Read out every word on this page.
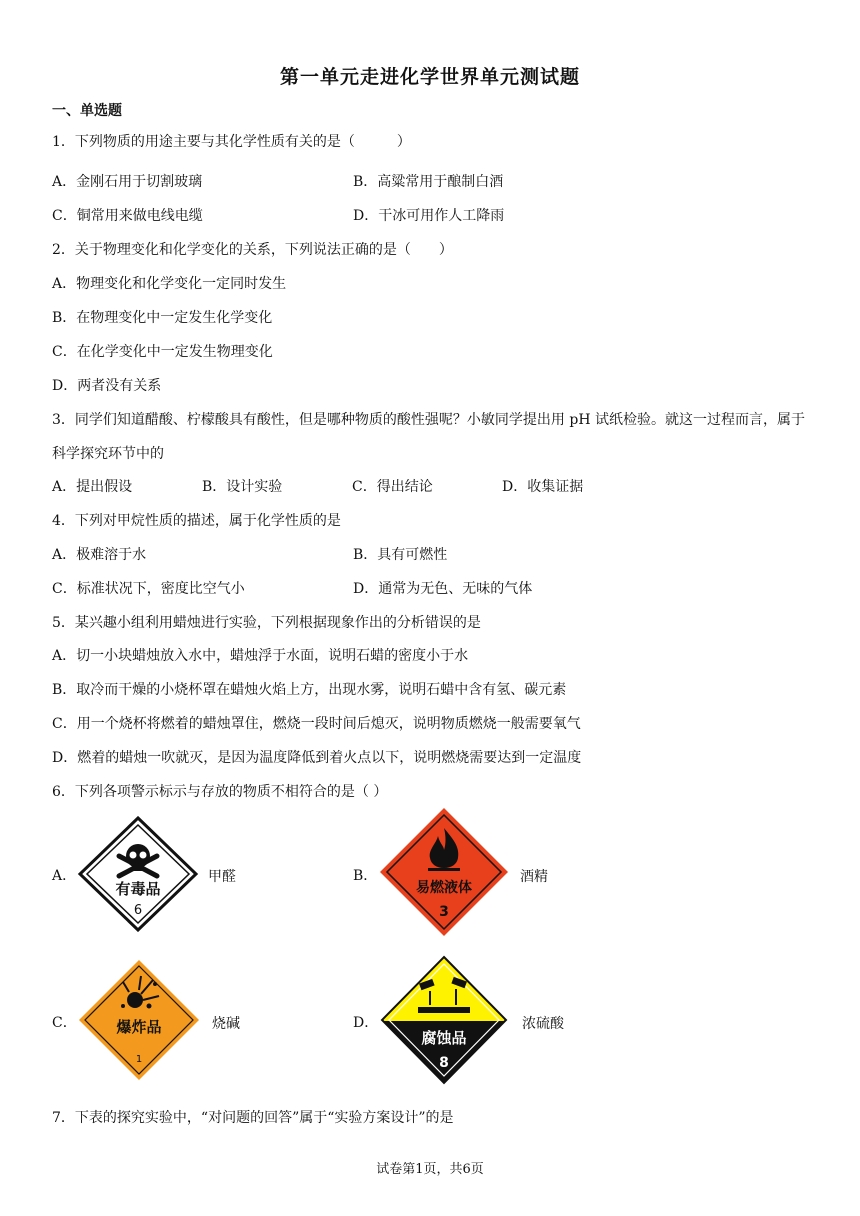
第一单元走进化学世界单元测试题
一、单选题
1．下列物质的用途主要与其化学性质有关的是（　　　）
A．金刚石用于切割玻璃	B．高粱常用于酿制白酒
C．铜常用来做电线电缆	D．干冰可用作人工降雨
2．关于物理变化和化学变化的关系，下列说法正确的是（　　）
A．物理变化和化学变化一定同时发生
B．在物理变化中一定发生化学变化
C．在化学变化中一定发生物理变化
D．两者没有关系
3．同学们知道醋酸、柠檬酸具有酸性，但是哪种物质的酸性强呢？小敏同学提出用 pH 试纸检验。就这一过程而言，属于科学探究环节中的
A．提出假设	B．设计实验	C．得出结论	D．收集证据
4．下列对甲烷性质的描述，属于化学性质的是
A．极难溶于水	B．具有可燃性
C．标准状况下，密度比空气小	D．通常为无色、无味的气体
5．某兴趣小组利用蜡烛进行实验，下列根据现象作出的分析错误的是
A．切一小块蜡烛放入水中，蜡烛浮于水面，说明石蜡的密度小于水
B．取冷而干燥的小烧杯罩在蜡烛火焰上方，出现水雾，说明石蜡中含有氢、碳元素
C．用一个烧杯将燃着的蜡烛罩住，燃烧一段时间后熄灭，说明物质燃烧一般需要氧气
D．燃着的蜡烛一吹就灭，是因为温度降低到着火点以下，说明燃烧需要达到一定温度
6．下列各项警示标示与存放的物质不相符合的是（ ）
A．
有毒品
6
甲醛	B．
易燃液体
3
酒精
C．	爆炸品
1
烧碱	D．
腐蚀品
8
浓硫酸
7．下表的探究实验中，“对问题的回答”属于“实验方案设计”的是
试卷第1页，共6页
